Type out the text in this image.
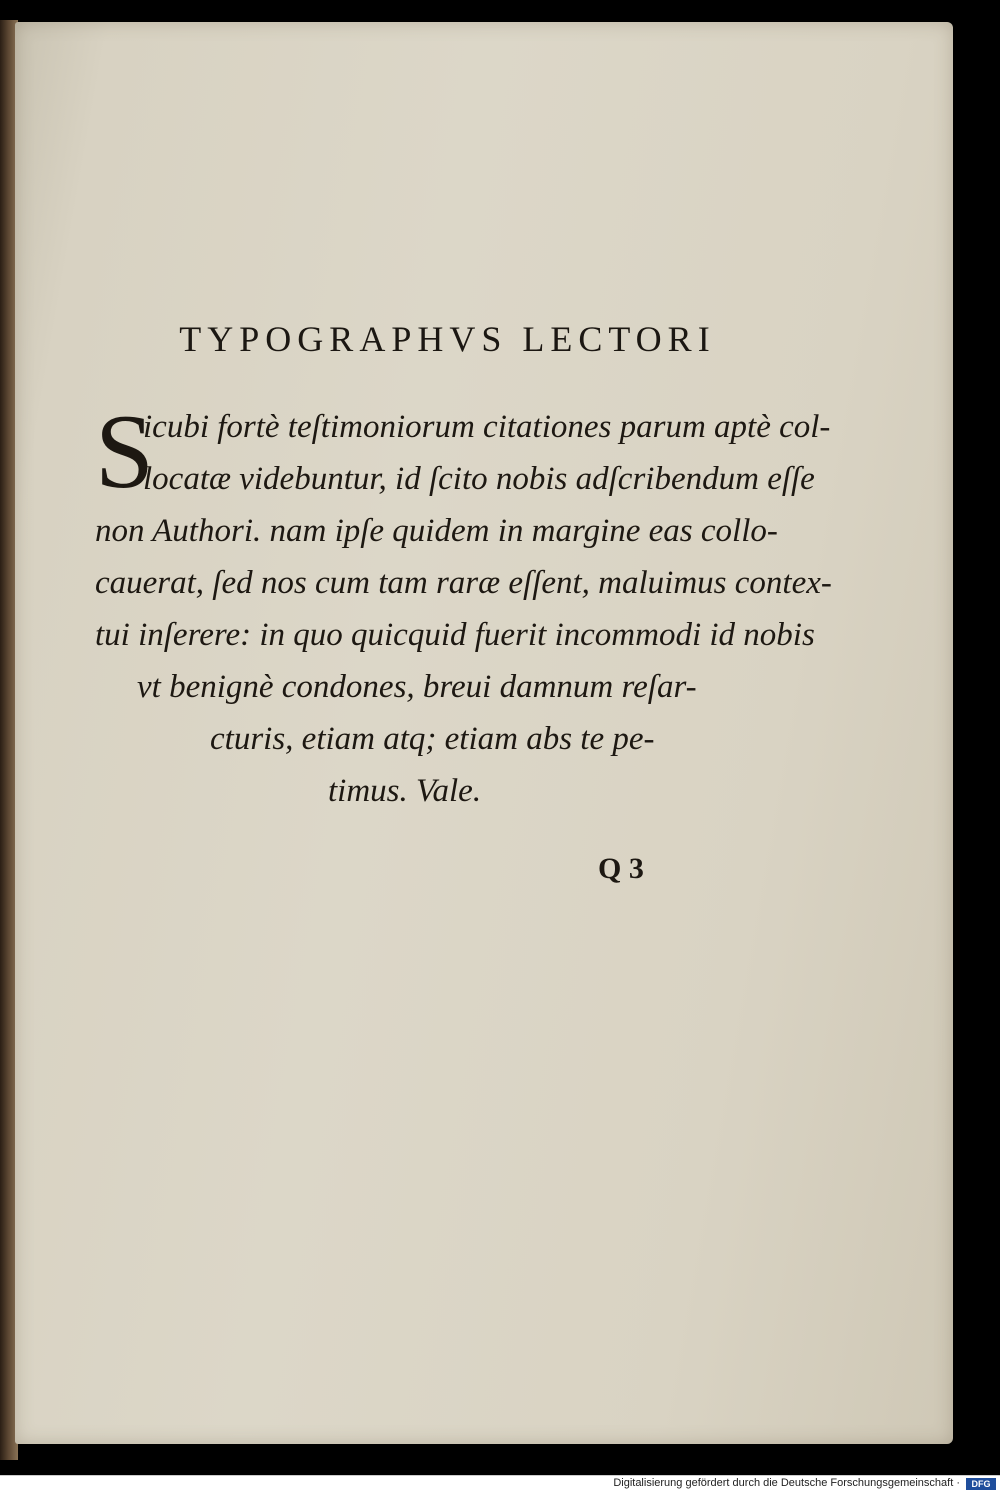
TYPOGRAPHVS LECTORI
S
icubi fortè teſtimoniorum citationes parum aptè col-
locatæ videbuntur, id ſcito nobis adſcribendum eſſe
non Authori. nam ipſe quidem in margine eas collo-
cauerat, ſed nos cum tam raræ eſſent, maluimus contex-
tui inſerere: in quo quicquid fuerit incommodi id nobis
vt benignè condones, breui damnum reſar-
cturis, etiam atq; etiam abs te pe-
timus. Vale.
Q 3
Digitalisierung gefördert durch die Deutsche Forschungsgemeinschaft ·	DFG
